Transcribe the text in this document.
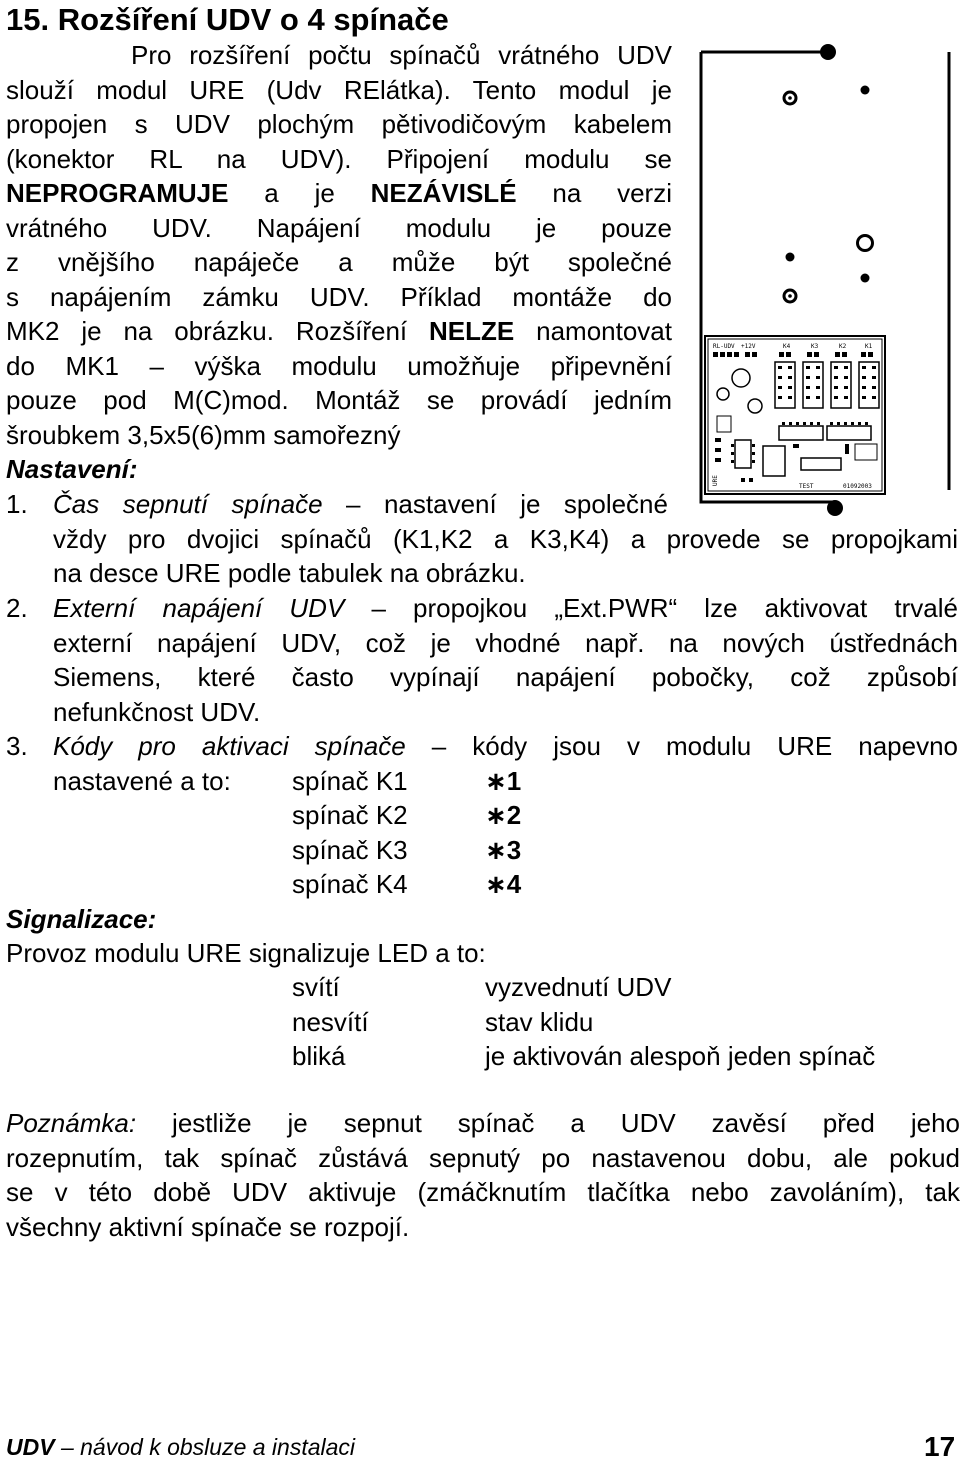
15. Rozšíření UDV o 4 spínače
Pro rozšíření počtu spínačů vrátného UDV
slouží modul URE (Udv RElátka). Tento modul je
propojen s UDV plochým pětivodičovým kabelem
(konektor RL na UDV). Připojení modulu se
NEPROGRAMUJE a je NEZÁVISLÉ na verzi
vrátného UDV. Napájení modulu je pouze
z vnějšího napáječe a může být společné
s napájením zámku UDV. Příklad montáže do
MK2 je na obrázku. Rozšíření NELZE namontovat
do MK1 – výška modulu umožňuje připevnění
pouze pod M(C)mod. Montáž se provádí jedním
šroubkem 3,5x5(6)mm samořezný
Nastavení:
1. Čas sepnutí spínače – nastavení je společné
vždy pro dvojici spínačů (K1,K2 a K3,K4) a provede se propojkami
na desce URE podle tabulek na obrázku.
2. Externí napájení UDV – propojkou „Ext.PWR“ lze aktivovat trvalé
externí napájení UDV, což je vhodné např. na nových ústřednách
Siemens, které často vypínají napájení pobočky, což způsobí
nefunkčnost UDV.
3. Kódy pro aktivaci spínače – kódy jsou v modulu URE napevno
nastavené a to:	spínač K1	∗1
spínač K2	∗2
spínač K3	∗3
spínač K4	∗4
Signalizace:
Provoz modulu URE signalizuje LED a to:
svítí	vyzvednutí UDV
nesvítí	stav klidu
bliká	je aktivován alespoň jeden spínač
Poznámka: jestliže je sepnut spínač a UDV zavěsí před jeho
rozepnutím, tak spínač zůstává sepnutý po nastavenou dobu, ale pokud
se v této době UDV aktivuje (zmáčknutím tlačítka nebo zavoláním), tak
všechny aktivní spínače se rozpojí.
UDV – návod k obsluze a instalaci	17
RL-UDV +12V	K4	K3	K2	K1
TEST	01092003
URE
